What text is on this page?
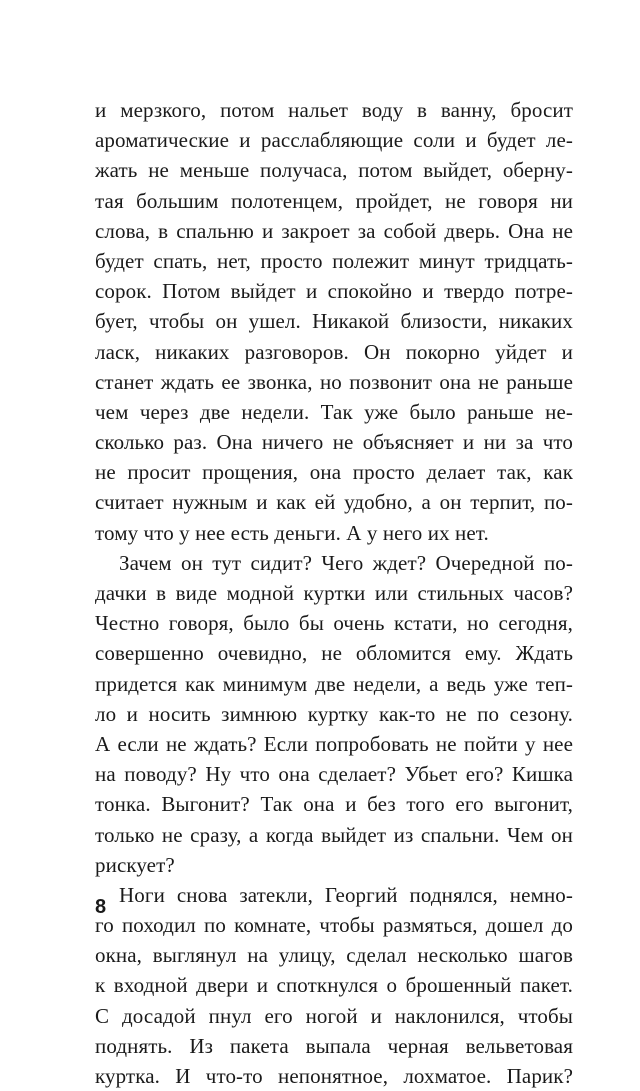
и мерзкого, потом нальет воду в ванну, бросит
ароматические и расслабляющие соли и будет ле-
жать не меньше получаса, потом выйдет, оберну-
тая большим полотенцем, пройдет, не говоря ни
слова, в спальню и закроет за собой дверь. Она не
будет спать, нет, просто полежит минут тридцать-
сорок. Потом выйдет и спокойно и твердо потре-
бует, чтобы он ушел. Никакой близости, никаких
ласк, никаких разговоров. Он покорно уйдет и
станет ждать ее звонка, но позвонит она не раньше
чем через две недели. Так уже было раньше не-
сколько раз. Она ничего не объясняет и ни за что
не просит прощения, она просто делает так, как
считает нужным и как ей удобно, а он терпит, по-
тому что у нее есть деньги. А у него их нет.
Зачем он тут сидит? Чего ждет? Очередной по-
дачки в виде модной куртки или стильных часов?
Честно говоря, было бы очень кстати, но сегодня,
совершенно очевидно, не обломится ему. Ждать
придется как минимум две недели, а ведь уже теп-
ло и носить зимнюю куртку как-то не по сезону.
А если не ждать? Если попробовать не пойти у нее
на поводу? Ну что она сделает? Убьет его? Кишка
тонка. Выгонит? Так она и без того его выгонит,
только не сразу, а когда выйдет из спальни. Чем он
рискует?
Ноги снова затекли, Георгий поднялся, немно-
го походил по комнате, чтобы размяться, дошел до
окна, выглянул на улицу, сделал несколько шагов
к входной двери и споткнулся о брошенный пакет.
С досадой пнул его ногой и наклонился, чтобы
поднять. Из пакета выпала черная вельветовая
куртка. И что-то непонятное, лохматое. Парик?
8
